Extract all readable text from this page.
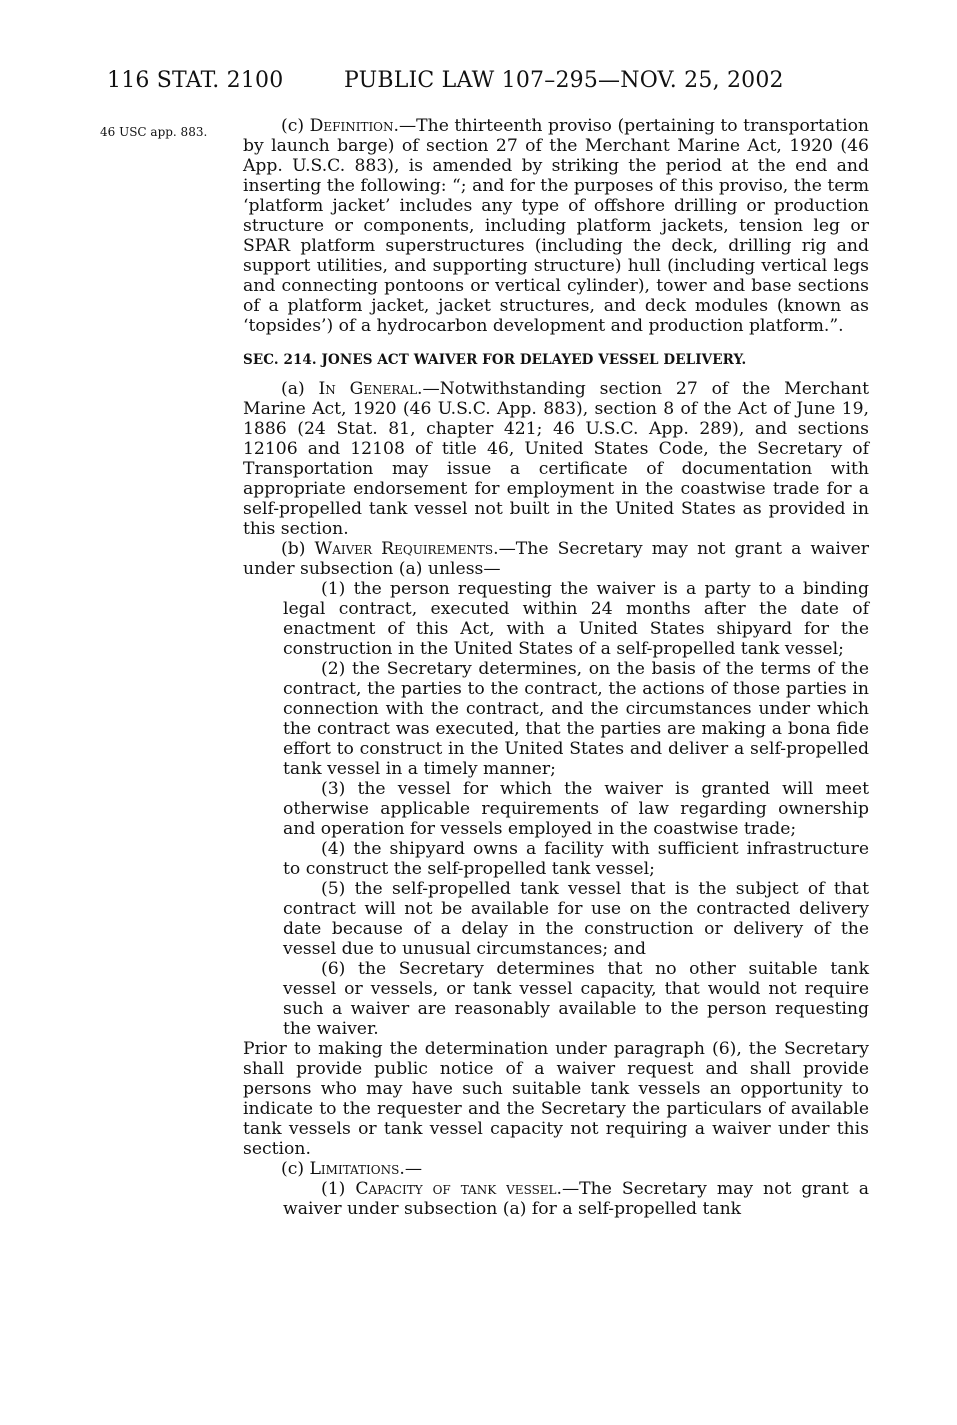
116 STAT. 2100	PUBLIC LAW 107–295—NOV. 25, 2002
46 USC app. 883.	(c) Definition.—The thirteenth proviso (pertaining to transportation by launch barge) of section 27 of the Merchant Marine Act, 1920 (46 App. U.S.C. 883), is amended by striking the period at the end and inserting the following: “; and for the purposes of this proviso, the term ‘platform jacket’ includes any type of offshore drilling or production structure or components, including platform jackets, tension leg or SPAR platform superstructures (including the deck, drilling rig and support utilities, and supporting structure) hull (including vertical legs and connecting pontoons or vertical cylinder), tower and base sections of a platform jacket, jacket structures, and deck modules (known as ‘topsides’) of a hydrocarbon development and production platform.”.

SEC. 214. JONES ACT WAIVER FOR DELAYED VESSEL DELIVERY.

(a) In General.—Notwithstanding section 27 of the Merchant Marine Act, 1920 (46 U.S.C. App. 883), section 8 of the Act of June 19, 1886 (24 Stat. 81, chapter 421; 46 U.S.C. App. 289), and sections 12106 and 12108 of title 46, United States Code, the Secretary of Transportation may issue a certificate of documentation with appropriate endorsement for employment in the coastwise trade for a self-propelled tank vessel not built in the United States as provided in this section.

(b) Waiver Requirements.—The Secretary may not grant a waiver under subsection (a) unless—

(1) the person requesting the waiver is a party to a binding legal contract, executed within 24 months after the date of enactment of this Act, with a United States shipyard for the construction in the United States of a self-propelled tank vessel;

(2) the Secretary determines, on the basis of the terms of the contract, the parties to the contract, the actions of those parties in connection with the contract, and the circumstances under which the contract was executed, that the parties are making a bona fide effort to construct in the United States and deliver a self-propelled tank vessel in a timely manner;

(3) the vessel for which the waiver is granted will meet otherwise applicable requirements of law regarding ownership and operation for vessels employed in the coastwise trade;

(4) the shipyard owns a facility with sufficient infrastructure to construct the self-propelled tank vessel;

(5) the self-propelled tank vessel that is the subject of that contract will not be available for use on the contracted delivery date because of a delay in the construction or delivery of the vessel due to unusual circumstances; and

(6) the Secretary determines that no other suitable tank vessel or vessels, or tank vessel capacity, that would not require such a waiver are reasonably available to the person requesting the waiver.

Prior to making the determination under paragraph (6), the Secretary shall provide public notice of a waiver request and shall provide persons who may have such suitable tank vessels an opportunity to indicate to the requester and the Secretary the particulars of available tank vessels or tank vessel capacity not requiring a waiver under this section.

(c) Limitations.—

(1) Capacity of tank vessel.—The Secretary may not grant a waiver under subsection (a) for a self-propelled tank
